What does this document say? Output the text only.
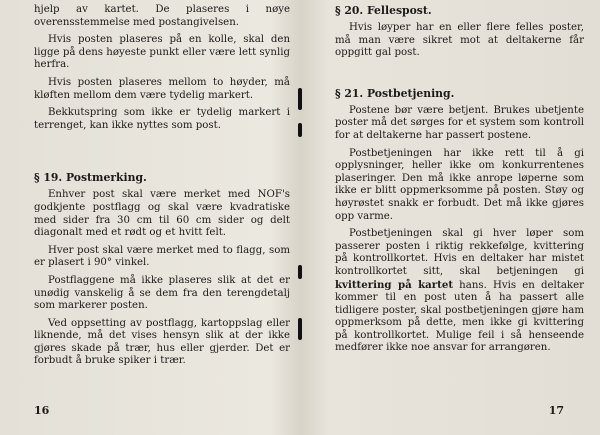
hjelp av kartet. De plaseres i nøye overensstemmelse med postangivelsen.

Hvis posten plaseres på en kolle, skal den ligge på dens høyeste punkt eller være lett synlig herfra.

Hvis posten plaseres mellom to høyder, må kløften mellom dem være tydelig markert.

Bekkutspring som ikke er tydelig markert i terrenget, kan ikke nyttes som post.

§ 19. Postmerking.

Enhver post skal være merket med NOF's godkjente postflagg og skal være kvadratiske med sider fra 30 cm til 60 cm sider og delt diagonalt med et rødt og et hvitt felt.

Hver post skal være merket med to flagg, som er plasert i 90° vinkel.

Postflaggene må ikke plaseres slik at det er unødig vanskelig å se dem fra den terengdetalj som markerer posten.

Ved oppsetting av postflagg, kartoppslag eller liknende, må det vises hensyn slik at der ikke gjøres skade på trær, hus eller gjerder. Det er forbudt å bruke spiker i trær.

16
§ 20. Fellespost.

Hvis løyper har en eller flere felles poster, må man være sikret mot at deltakerne får oppgitt gal post.

§ 21. Postbetjening.

Postene bør være betjent. Brukes ubetjente poster må det sørges for et system som kontroll for at deltakerne har passert postene.

Postbetjeningen har ikke rett til å gi opplysninger, heller ikke om konkurrentenes plaseringer. Den må ikke anrope løperne som ikke er blitt oppmerksomme på posten. Støy og høyrøstet snakk er forbudt. Det må ikke gjøres opp varme.

Postbetjeningen skal gi hver løper som passerer posten i riktig rekkefølge, kvittering på kontrollkortet. Hvis en deltaker har mistet kontrollkortet sitt, skal betjeningen gi kvittering på kartet hans. Hvis en deltaker kommer til en post uten å ha passert alle tidligere poster, skal postbetjeningen gjøre ham oppmerksom på dette, men ikke gi kvittering på kontrollkortet. Mulige feil i så henseende medfører ikke noe ansvar for arrangøren.

17
